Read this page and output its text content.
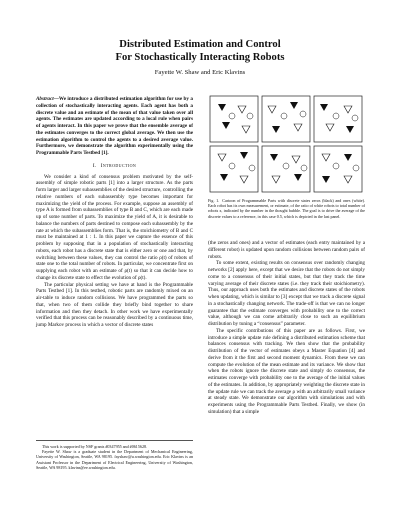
Distributed Estimation and Control
For Stochastically Interacting Robots
Fayette W. Shaw and Eric Klavins

Abstract—We introduce a distributed estimation algorithm for use by a collection of stochastically interacting agents. Each agent has both a discrete value and an estimate of the mean of that value taken over all agents. The estimates are updated according to a local rule when pairs of agents interact. In this paper we prove that the ensemble average of the estimates converges to the correct global average. We then use the estimation algorithm to control the agents to a desired average value. Furthermore, we demonstrate the algorithm experimentally using the Programmable Parts Testbed [1].

I. Introduction

We consider a kind of consensus problem motivated by the self-assembly of simple robotic parts [1] into a larger structure. As the parts form larger and larger subassemblies of the desired structure, controlling the relative numbers of each subassembly type becomes important for maximizing the yield of the process. For example, suppose an assembly of type A is formed from subassemblies of type B and C, which are each made up of some number of parts. To maximize the yield of A, it is desirable to balance the numbers of parts destined to compose each subassembly by the rate at which the subassemblies form. That is, the stoichiometry of B and C must be maintained at 1 : 1. In this paper we capture the essence of this problem by supposing that in a population of stochastically interacting robots, each robot has a discrete state that is either zero or one and that, by switching between these values, they can control the ratio ρ(t) of robots of state one to the total number of robots. In particular, we concentrate first on supplying each robot with an estimate of ρ(t) so that it can decide how to change its discrete state to effect the evolution of ρ(t).

The particular physical setting we have at hand is the Programmable Parts Testbed [1]. In this testbed, robotic parts are randomly mixed on an air-table to induce random collisions. We have programmed the parts so that, when two of them collide they briefly bind together to share information and then they detach. In other work we have experimentally verified that this process can be reasonably described by a continuous time, jump Markov process in which a vector of discrete states

This work is supported by NSF grants #0347955 and #0615628.

Fayette W. Shaw is a graduate student in the Department of Mechanical Engineering, University of Washington, Seattle, WA 98195. fayshaw@u.washington.edu. Eric Klavins is an Assistant Professor in the Department of Electrical Engineering, University of Washington, Seattle, WA 98195. klavins@ee.washington.edu.

Fig. 1. Cartoon of Programmable Parts with discrete states zeros (black) and ones (white). Each robot has its own measurement, or estimate, of the ratio of white robots to total number of robots x, indicated by the number in the thought bubble. The goal is to drive the average of the discrete values to a reference, in this case 0.5, which is depicted in the last panel.

(the zeros and ones) and a vector of estimates (each entry maintained by a different robot) is updated upon random collisions between random pairs of robots.

To some extent, existing results on consensus over randomly changing networks [2] apply here, except that we desire that the robots do not simply come to a consensus of their initial states, but that they track the time varying average of their discrete states (i.e. they track their stoichiometry). Thus, our approach uses both the estimates and discrete states of the robots when updating, which is similar to [3] except that we track a discrete signal in a stochastically changing network. The trade-off is that we can no longer guarantee that the estimate converges with probability one to the correct value, although we can come arbitrarily close to such an equilibrium distribution by tuning a “consensus” parameter.

The specific contributions of this paper are as follows. First, we introduce a simple update rule defining a distributed estimation scheme that balances consensus with tracking. We then show that the probability distribution of the vector of estimates obeys a Master Equation [4] and derive from it the first and second moment dynamics. From these we can compute the evolution of the mean estimate and its variance. We show that when the robots ignore the discrete state and simply do consensus, the estimates converge with probability one to the average of the initial values of the estimates. In addition, by appropriately weighting the discrete state in the update rule we can track the average ρ with an arbitrarily small variance at steady state. We demonstrate our algorithm with simulations and with experiments using the Programmable Parts Testbed. Finally, we show (in simulation) that a simple
